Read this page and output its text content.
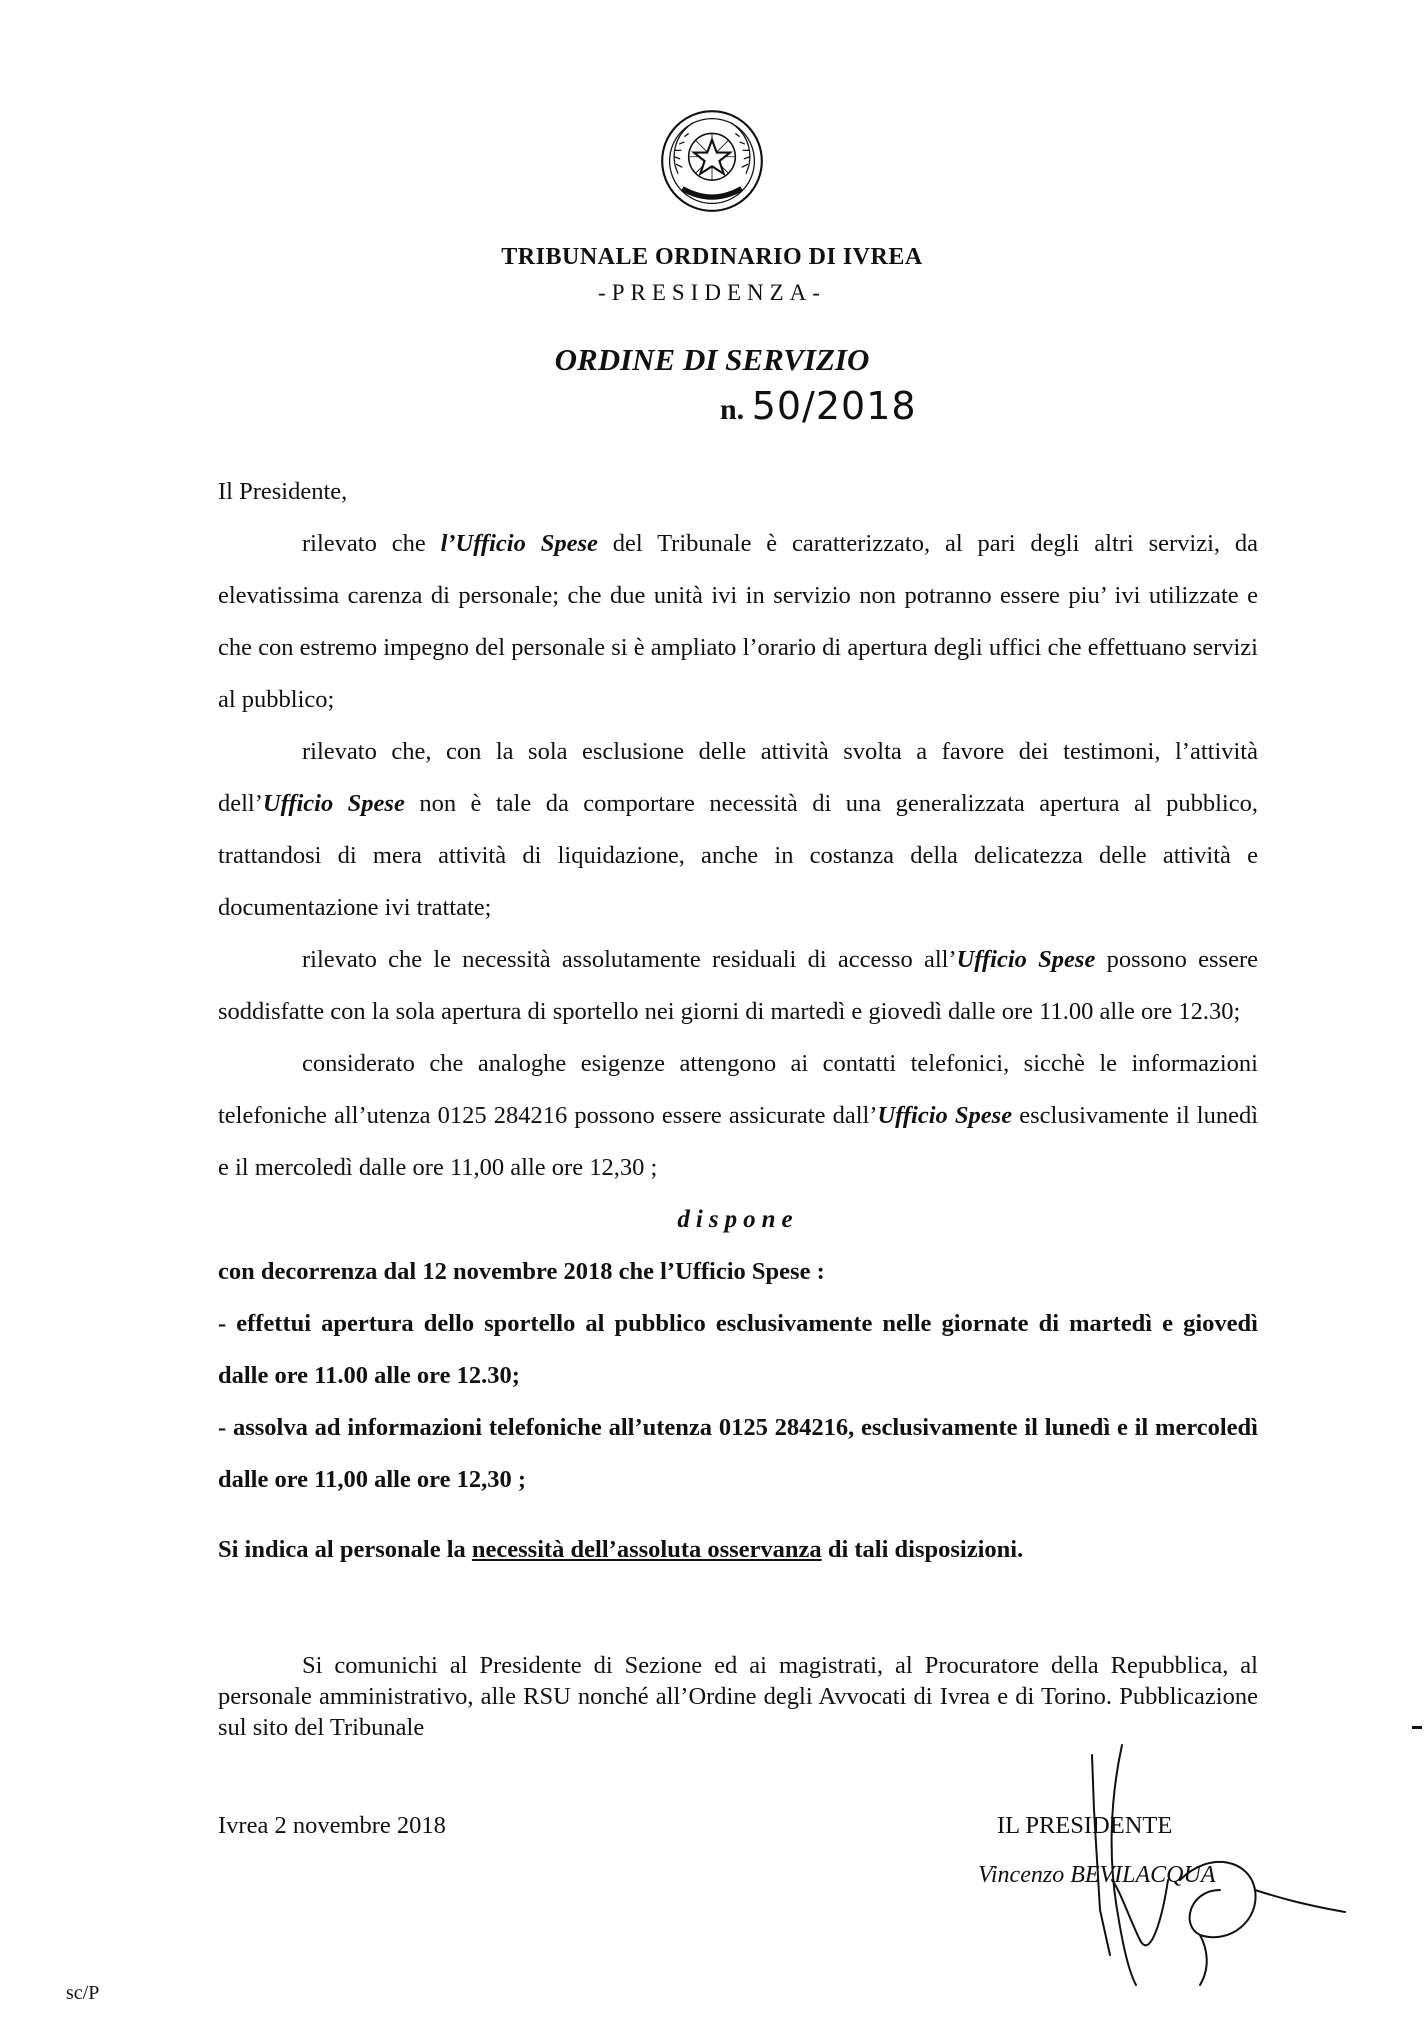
TRIBUNALE ORDINARIO DI IVREA
-PRESIDENZA-
ORDINE DI SERVIZIO
n. 50/2018

Il Presidente,

rilevato che l’Ufficio Spese del Tribunale è caratterizzato, al pari degli altri servizi, da elevatissima carenza di personale; che due unità ivi in servizio non potranno essere piu’ ivi utilizzate e che con estremo impegno del personale si è ampliato l’orario di apertura degli uffici che effettuano servizi al pubblico;

rilevato che, con la sola esclusione delle attività svolta a favore dei testimoni, l’attività dell’Ufficio Spese non è tale da comportare necessità di una generalizzata apertura al pubblico, trattandosi di mera attività di liquidazione, anche in costanza della delicatezza delle attività e documentazione ivi trattate;

rilevato che le necessità assolutamente residuali di accesso all’Ufficio Spese possono essere soddisfatte con la sola apertura di sportello nei giorni di martedì e giovedì dalle ore 11.00 alle ore 12.30;

considerato che analoghe esigenze attengono ai contatti telefonici, sicchè le informazioni telefoniche all’utenza 0125 284216 possono essere assicurate dall’Ufficio Spese esclusivamente il lunedì e il mercoledì dalle ore 11,00 alle ore 12,30 ;

dispone

con decorrenza dal 12 novembre 2018 che l’Ufficio Spese :

- effettui apertura dello sportello al pubblico esclusivamente nelle giornate di martedì e giovedì dalle ore 11.00 alle ore 12.30;

- assolva ad informazioni telefoniche all’utenza 0125 284216, esclusivamente il lunedì e il mercoledì dalle ore 11,00 alle ore 12,30 ;

Si indica al personale la necessità dell’assoluta osservanza di tali disposizioni.

Si comunichi al Presidente di Sezione ed ai magistrati, al Procuratore della Repubblica, al personale amministrativo, alle RSU nonché all’Ordine degli Avvocati di Ivrea e di Torino. Pubblicazione sul sito del Tribunale

Ivrea 2 novembre 2018	IL PRESIDENTE
Vincenzo BEVILACQUA
sc/P
